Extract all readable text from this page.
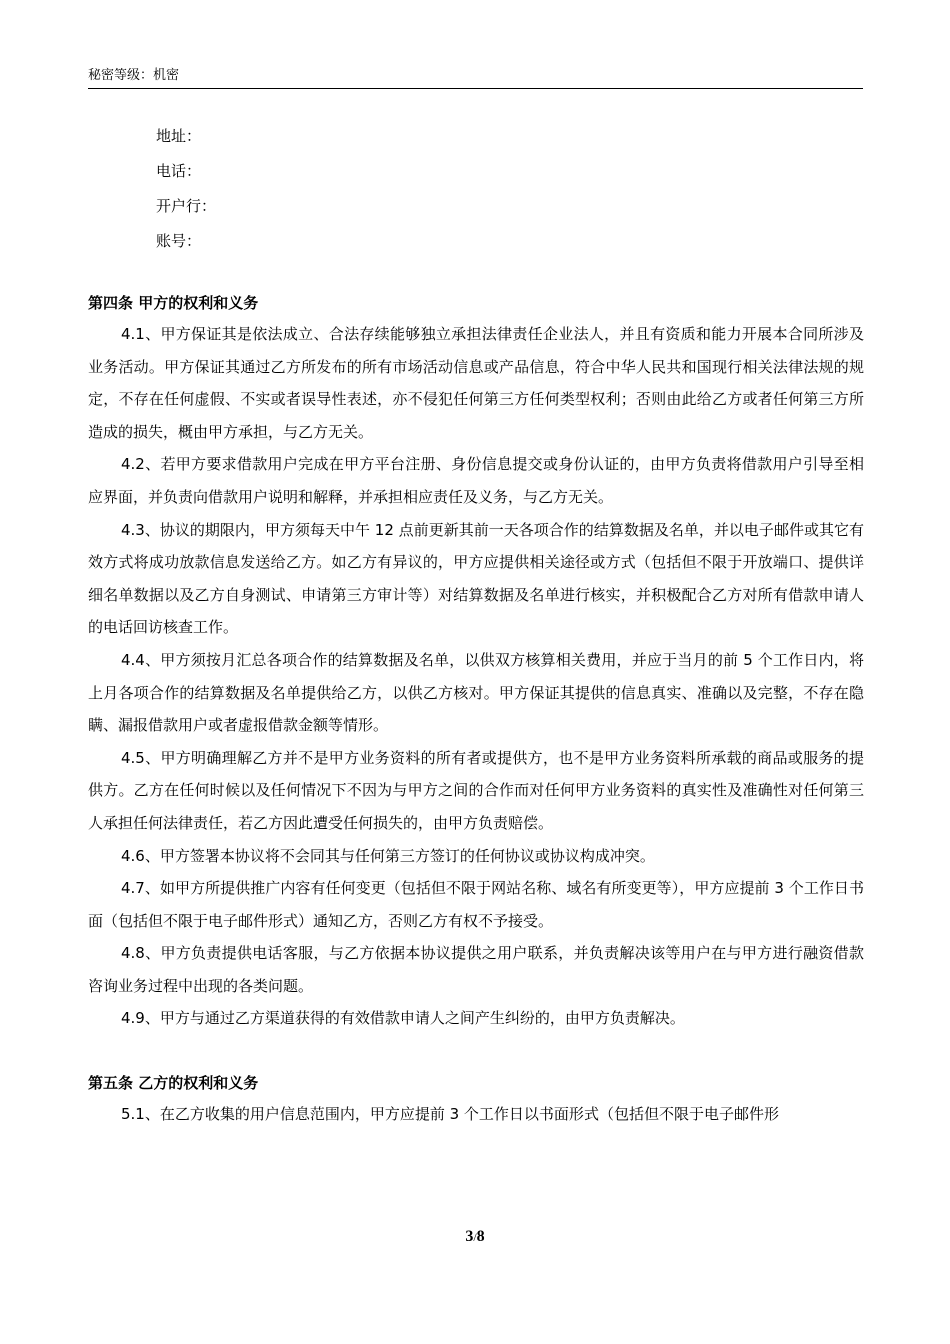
秘密等级：机密
地址：
电话：
开户行：
账号：
第四条 甲方的权利和义务
4.1、甲方保证其是依法成立、合法存续能够独立承担法律责任企业法人，并且有资质和能力开展本合同所涉及业务活动。甲方保证其通过乙方所发布的所有市场活动信息或产品信息，符合中华人民共和国现行相关法律法规的规定，不存在任何虚假、不实或者误导性表述，亦不侵犯任何第三方任何类型权利；否则由此给乙方或者任何第三方所造成的损失，概由甲方承担，与乙方无关。
4.2、若甲方要求借款用户完成在甲方平台注册、身份信息提交或身份认证的，由甲方负责将借款用户引导至相应界面，并负责向借款用户说明和解释，并承担相应责任及义务，与乙方无关。
4.3、协议的期限内，甲方须每天中午 12 点前更新其前一天各项合作的结算数据及名单，并以电子邮件或其它有效方式将成功放款信息发送给乙方。如乙方有异议的，甲方应提供相关途径或方式（包括但不限于开放端口、提供详细名单数据以及乙方自身测试、申请第三方审计等）对结算数据及名单进行核实，并积极配合乙方对所有借款申请人的电话回访核查工作。
4.4、甲方须按月汇总各项合作的结算数据及名单，以供双方核算相关费用，并应于当月的前 5 个工作日内，将上月各项合作的结算数据及名单提供给乙方，以供乙方核对。甲方保证其提供的信息真实、准确以及完整，不存在隐瞒、漏报借款用户或者虚报借款金额等情形。
4.5、甲方明确理解乙方并不是甲方业务资料的所有者或提供方，也不是甲方业务资料所承载的商品或服务的提供方。乙方在任何时候以及任何情况下不因为与甲方之间的合作而对任何甲方业务资料的真实性及准确性对任何第三人承担任何法律责任，若乙方因此遭受任何损失的，由甲方负责赔偿。
4.6、甲方签署本协议将不会同其与任何第三方签订的任何协议或协议构成冲突。
4.7、如甲方所提供推广内容有任何变更（包括但不限于网站名称、域名有所变更等），甲方应提前 3 个工作日书面（包括但不限于电子邮件形式）通知乙方，否则乙方有权不予接受。
4.8、甲方负责提供电话客服，与乙方依据本协议提供之用户联系，并负责解决该等用户在与甲方进行融资借款咨询业务过程中出现的各类问题。
4.9、甲方与通过乙方渠道获得的有效借款申请人之间产生纠纷的，由甲方负责解决。
第五条 乙方的权利和义务
5.1、在乙方收集的用户信息范围内，甲方应提前 3 个工作日以书面形式（包括但不限于电子邮件形
3/8
